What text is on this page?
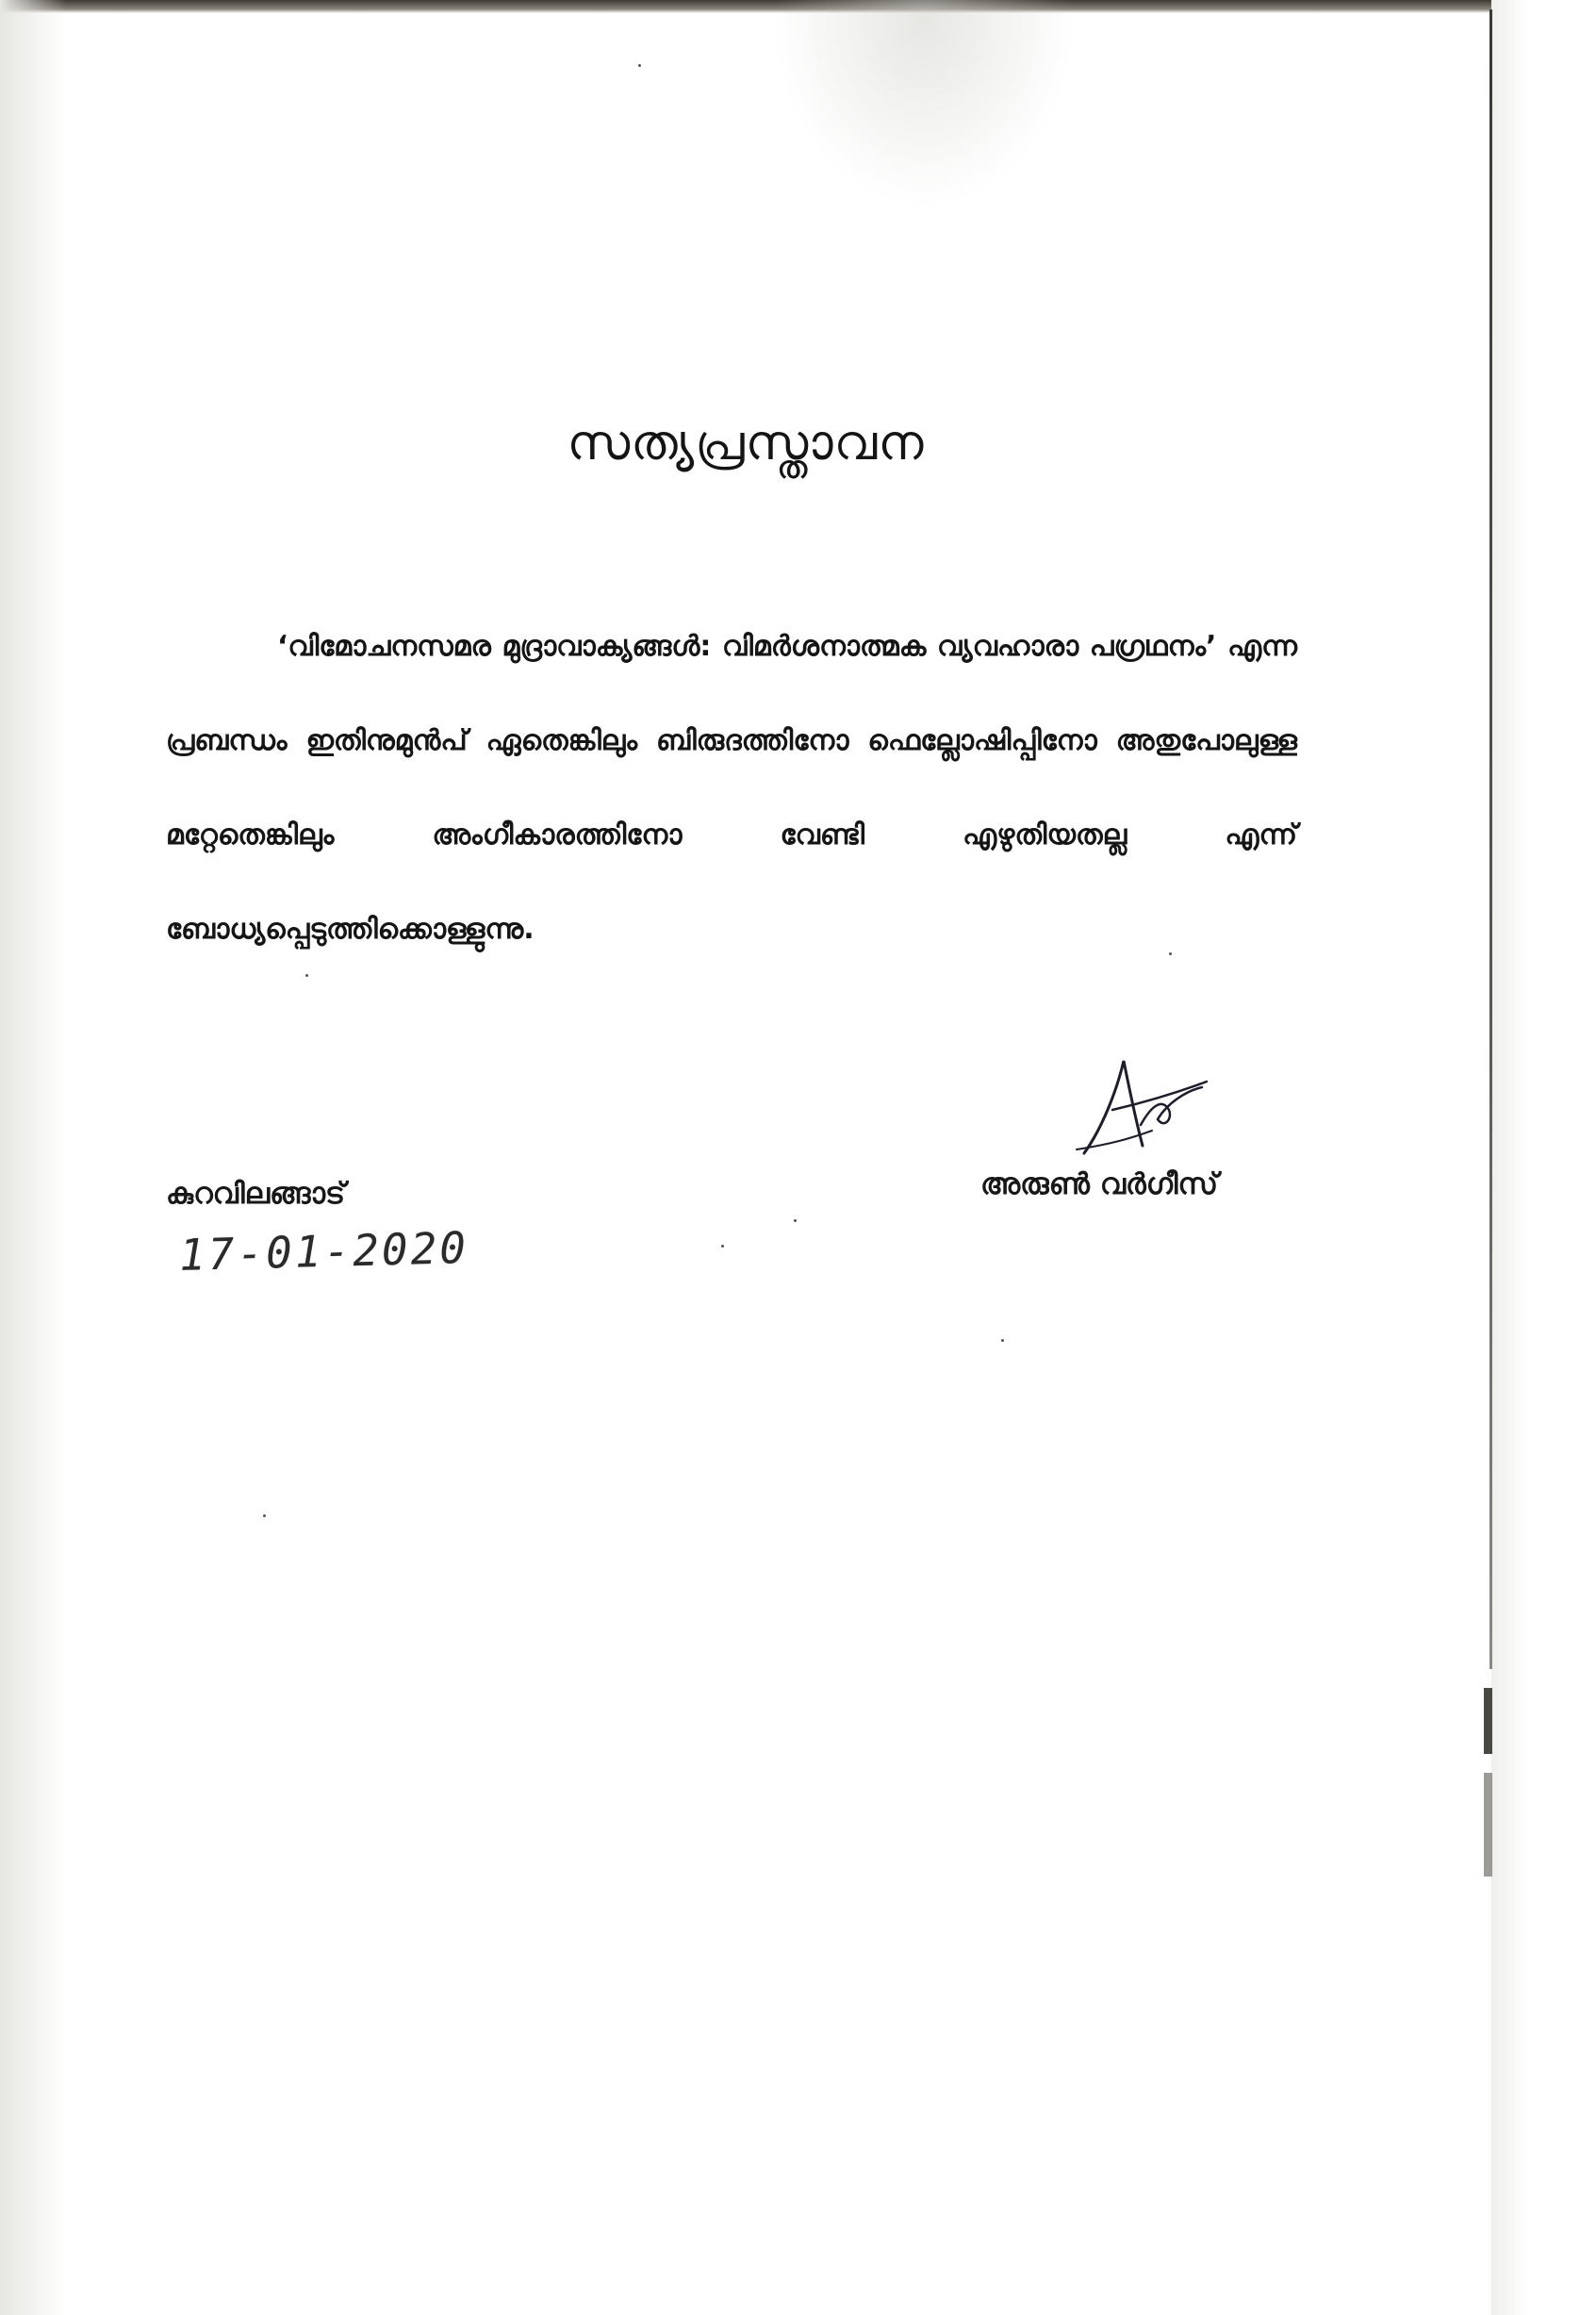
സത്യപ്രസ്താവന

‘വിമോചനസമര മുദ്രാവാക്യങ്ങൾ: വിമർശനാത്മക വ്യവഹാരാ പഗ്രഥനം’ എന്ന പ്രബന്ധം ഇതിനുമുൻപ് ഏതെങ്കിലും ബിരുദത്തിനോ ഫെല്ലോഷിപ്പിനോ അതുപോലുള്ള മറ്റേതെങ്കിലും അംഗീകാരത്തിനോ വേണ്ടി എഴുതിയതല്ല എന്ന് ബോധ്യപ്പെടുത്തിക്കൊള്ളുന്നു.

അരുൺ വർഗീസ്
കുറവിലങ്ങാട്
17-01-2020
